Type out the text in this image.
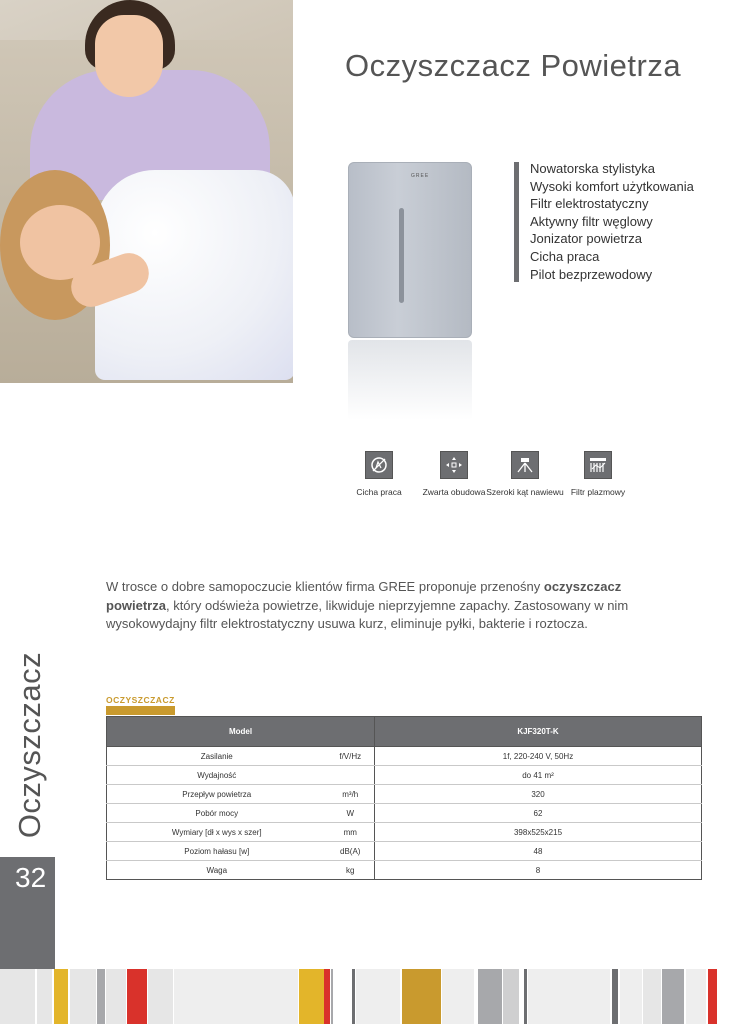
Oczyszczacz Powietrza
GREE	Nowatorska stylistyka
Wysoki komfort użytkowania
Filtr elektrostatyczny
Aktywny filtr węglowy
Jonizator powietrza
Cicha praca
Pilot bezprzewodowy
Cicha praca	Zwarta obudowa Szeroki kąt nawiewu Filtr plazmowy

W trosce o dobre samopoczucie klientów firma GREE proponuje przenośny oczyszczacz powietrza, który odświeża powietrze, likwiduje nieprzyjemne zapachy. Zastosowany w nim wysokowydajny filtr elektrostatyczny usuwa kurz, eliminuje pyłki, bakterie i roztocza.

Oczyszczacz
32
OCZYSZCZACZ
Model		KJF320T-K
Zasilanie	f/V/Hz	1f, 220-240 V, 50Hz
Wydajność		do 41 m²
Przepływ powietrza	m³/h	320
Pobór mocy	W	62
Wymiary [dł x wys x szer]	mm	398x525x215
Poziom hałasu [w]	dB(A)	48
Waga	kg	8
